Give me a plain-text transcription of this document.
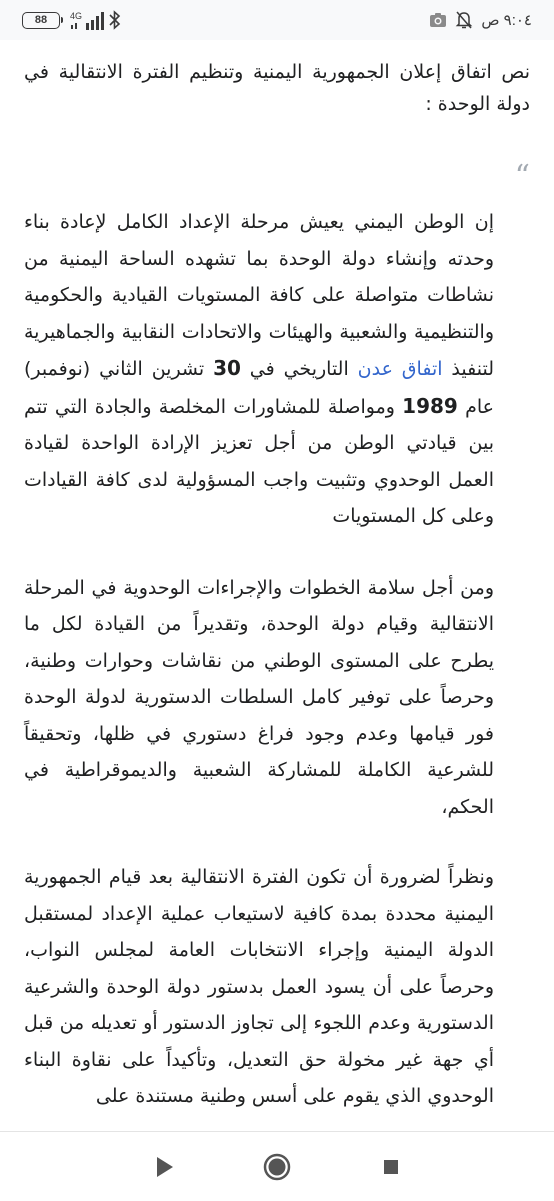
88	4G	٩:٠٤ ص
نص اتفاق إعلان الجمهورية اليمنية وتنظيم الفترة الانتقالية في دولة الوحدة :
“
إن الوطن اليمني يعيش مرحلة الإعداد الكامل لإعادة بناء وحدته وإنشاء دولة الوحدة بما تشهده الساحة اليمنية من نشاطات متواصلة على كافة المستويات القيادية والحكومية والتنظيمية والشعبية والهيئات والاتحادات النقابية والجماهيرية لتنفيذ اتفاق عدن التاريخي في 30 تشرين الثاني (نوفمبر) عام 1989 ومواصلة للمشاورات المخلصة والجادة التي تتم بين قيادتي الوطن من أجل تعزيز الإرادة الواحدة لقيادة العمل الوحدوي وتثبيت واجب المسؤولية لدى كافة القيادات وعلى كل المستويات
ومن أجل سلامة الخطوات والإجراءات الوحدوية في المرحلة الانتقالية وقيام دولة الوحدة، وتقديراً من القيادة لكل ما يطرح على المستوى الوطني من نقاشات وحوارات وطنية، وحرصاً على توفير كامل السلطات الدستورية لدولة الوحدة فور قيامها وعدم وجود فراغ دستوري في ظلها، وتحقيقاً للشرعية الكاملة للمشاركة الشعبية والديموقراطية في الحكم،
ونظراً لضرورة أن تكون الفترة الانتقالية بعد قيام الجمهورية اليمنية محددة بمدة كافية لاستيعاب عملية الإعداد لمستقبل الدولة اليمنية وإجراء الانتخابات العامة لمجلس النواب، وحرصاً على أن يسود العمل بدستور دولة الوحدة والشرعية الدستورية وعدم اللجوء إلى تجاوز الدستور أو تعديله من قبل أي جهة غير مخولة حق التعديل، وتأكيداً على نقاوة البناء الوحدوي الذي يقوم على أسس وطنية مستندة على
